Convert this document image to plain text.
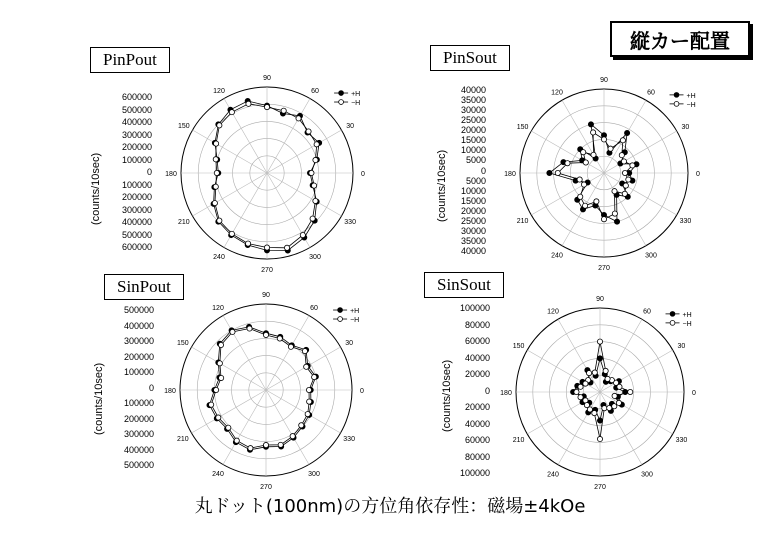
縦カー配置
(counts/10sec)	0
30
60
90
120
150
180
210
240
270
300
330
+H
−H
PinPout
600000
500000
400000
300000
200000
100000
0
100000
200000
300000
400000
500000
600000
(counts/10sec)	0
30
60
90
120
150
180
210
240
270
300
330
+H
−H
PinSout
40000
35000
30000
25000
20000
15000
10000
5000
0
5000
10000
15000
20000
25000
30000
35000
40000
(counts/10sec)	0
30
60
90
120
150
180
210
240
270
300
330
+H
−H
SinPout
500000
400000
300000
200000
100000
0
100000
200000
300000
400000
500000
(counts/10sec)	0
30
60
90
120
150
180
210
240
270
300
330
+H
−H
SinSout
100000
80000
60000
40000
20000
0
20000
40000
60000
80000
100000
丸ドット(100nm)の方位角依存性：磁場±4kOe
